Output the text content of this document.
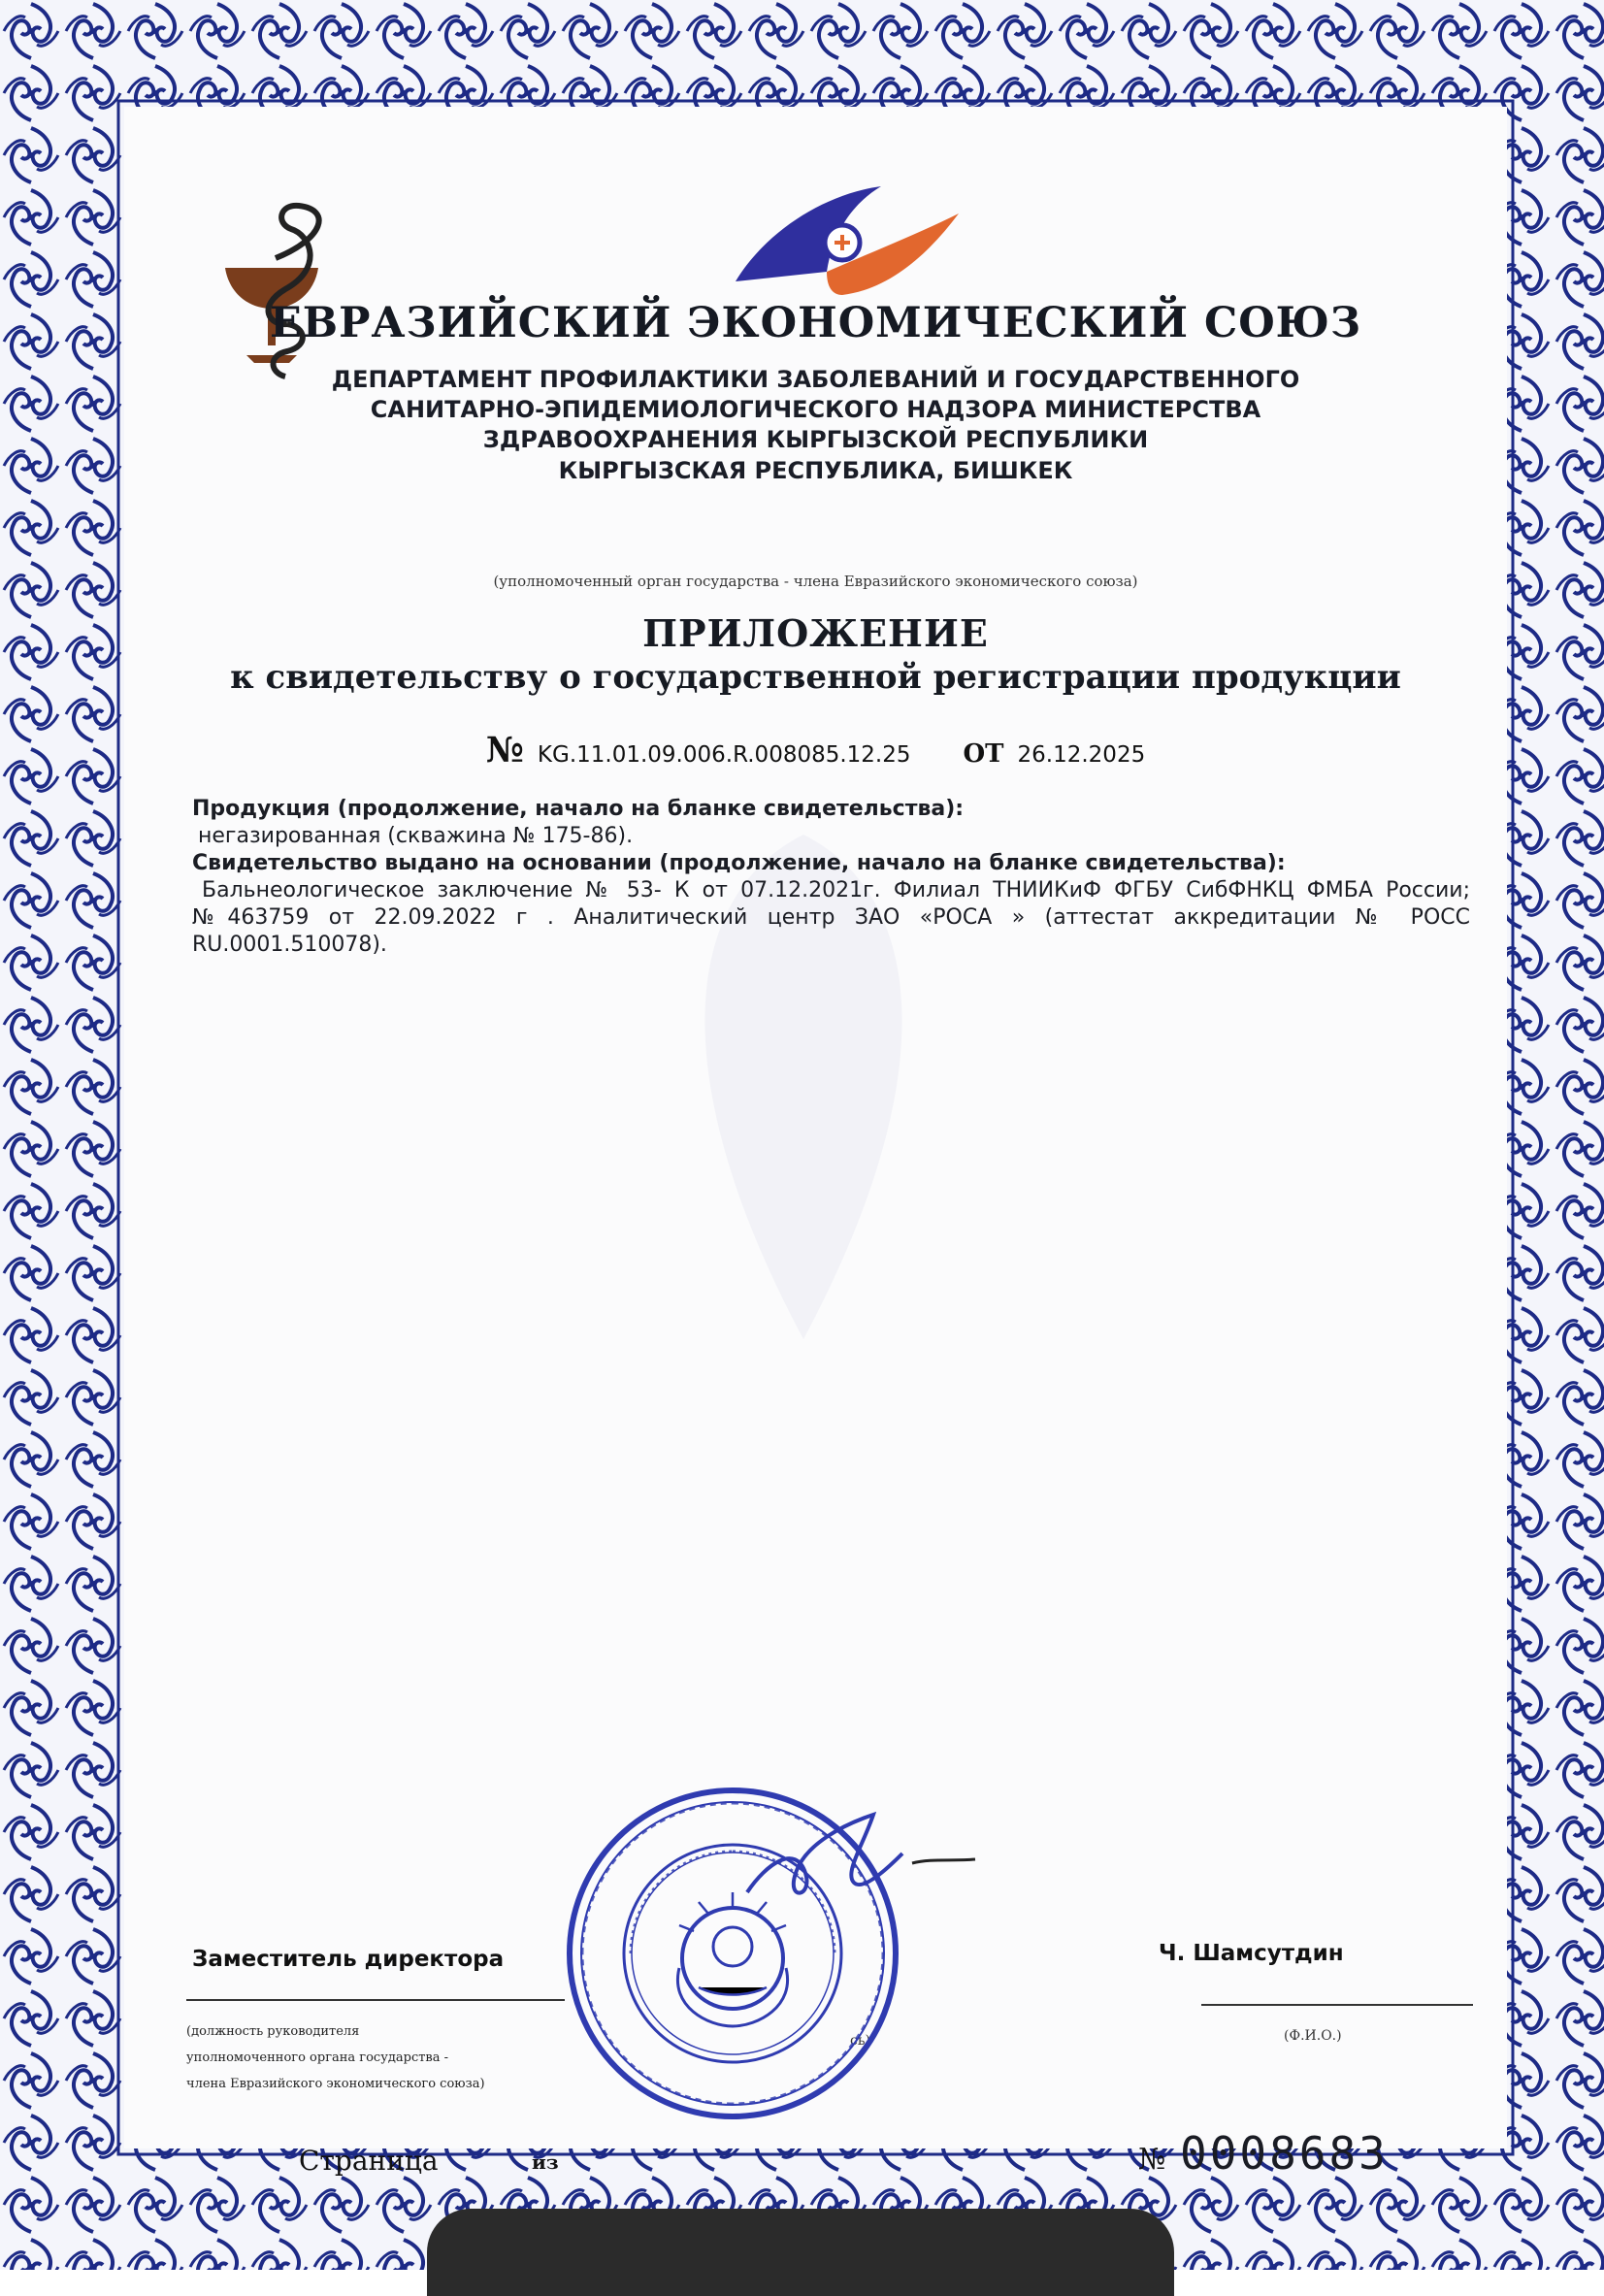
ЕВРАЗИЙСКИЙ ЭКОНОМИЧЕСКИЙ СОЮЗ
ДЕПАРТАМЕНТ ПРОФИЛАКТИКИ ЗАБОЛЕВАНИЙ И ГОСУДАРСТВЕННОГО
САНИТАРНО-ЭПИДЕМИОЛОГИЧЕСКОГО НАДЗОРА МИНИСТЕРСТВА
ЗДРАВООХРАНЕНИЯ КЫРГЫЗСКОЙ РЕСПУБЛИКИ
КЫРГЫЗСКАЯ РЕСПУБЛИКА, БИШКЕК
(уполномоченный орган государства - члена Евразийского экономического союза)
ПРИЛОЖЕНИЕ
к свидетельству о государственной регистрации продукции
№ KG.11.01.09.006.R.008085.12.25 ОТ 26.12.2025

Продукция (продолжение, начало на бланке свидетельства):

негазированная (скважина № 175-86).

Свидетельство выдано на основании (продолжение, начало на бланке свидетельства):

Бальнеологическое заключение № 53- К от 07.12.2021г. Филиал ТНИИКиФ ФГБУ СибФНКЦ ФМБА России; №463759 от 22.09.2022 г . Аналитический центр ЗАО «РОСА » (аттестат аккредитации № РОСС RU.0001.510078).

Заместитель директора
(должность руководителя
уполномоченного органа государства -
члена Евразийского экономического союза)
сь)
Ч. Шамсутдин
(Ф.И.О.)
Страница	из	№ 0008683
